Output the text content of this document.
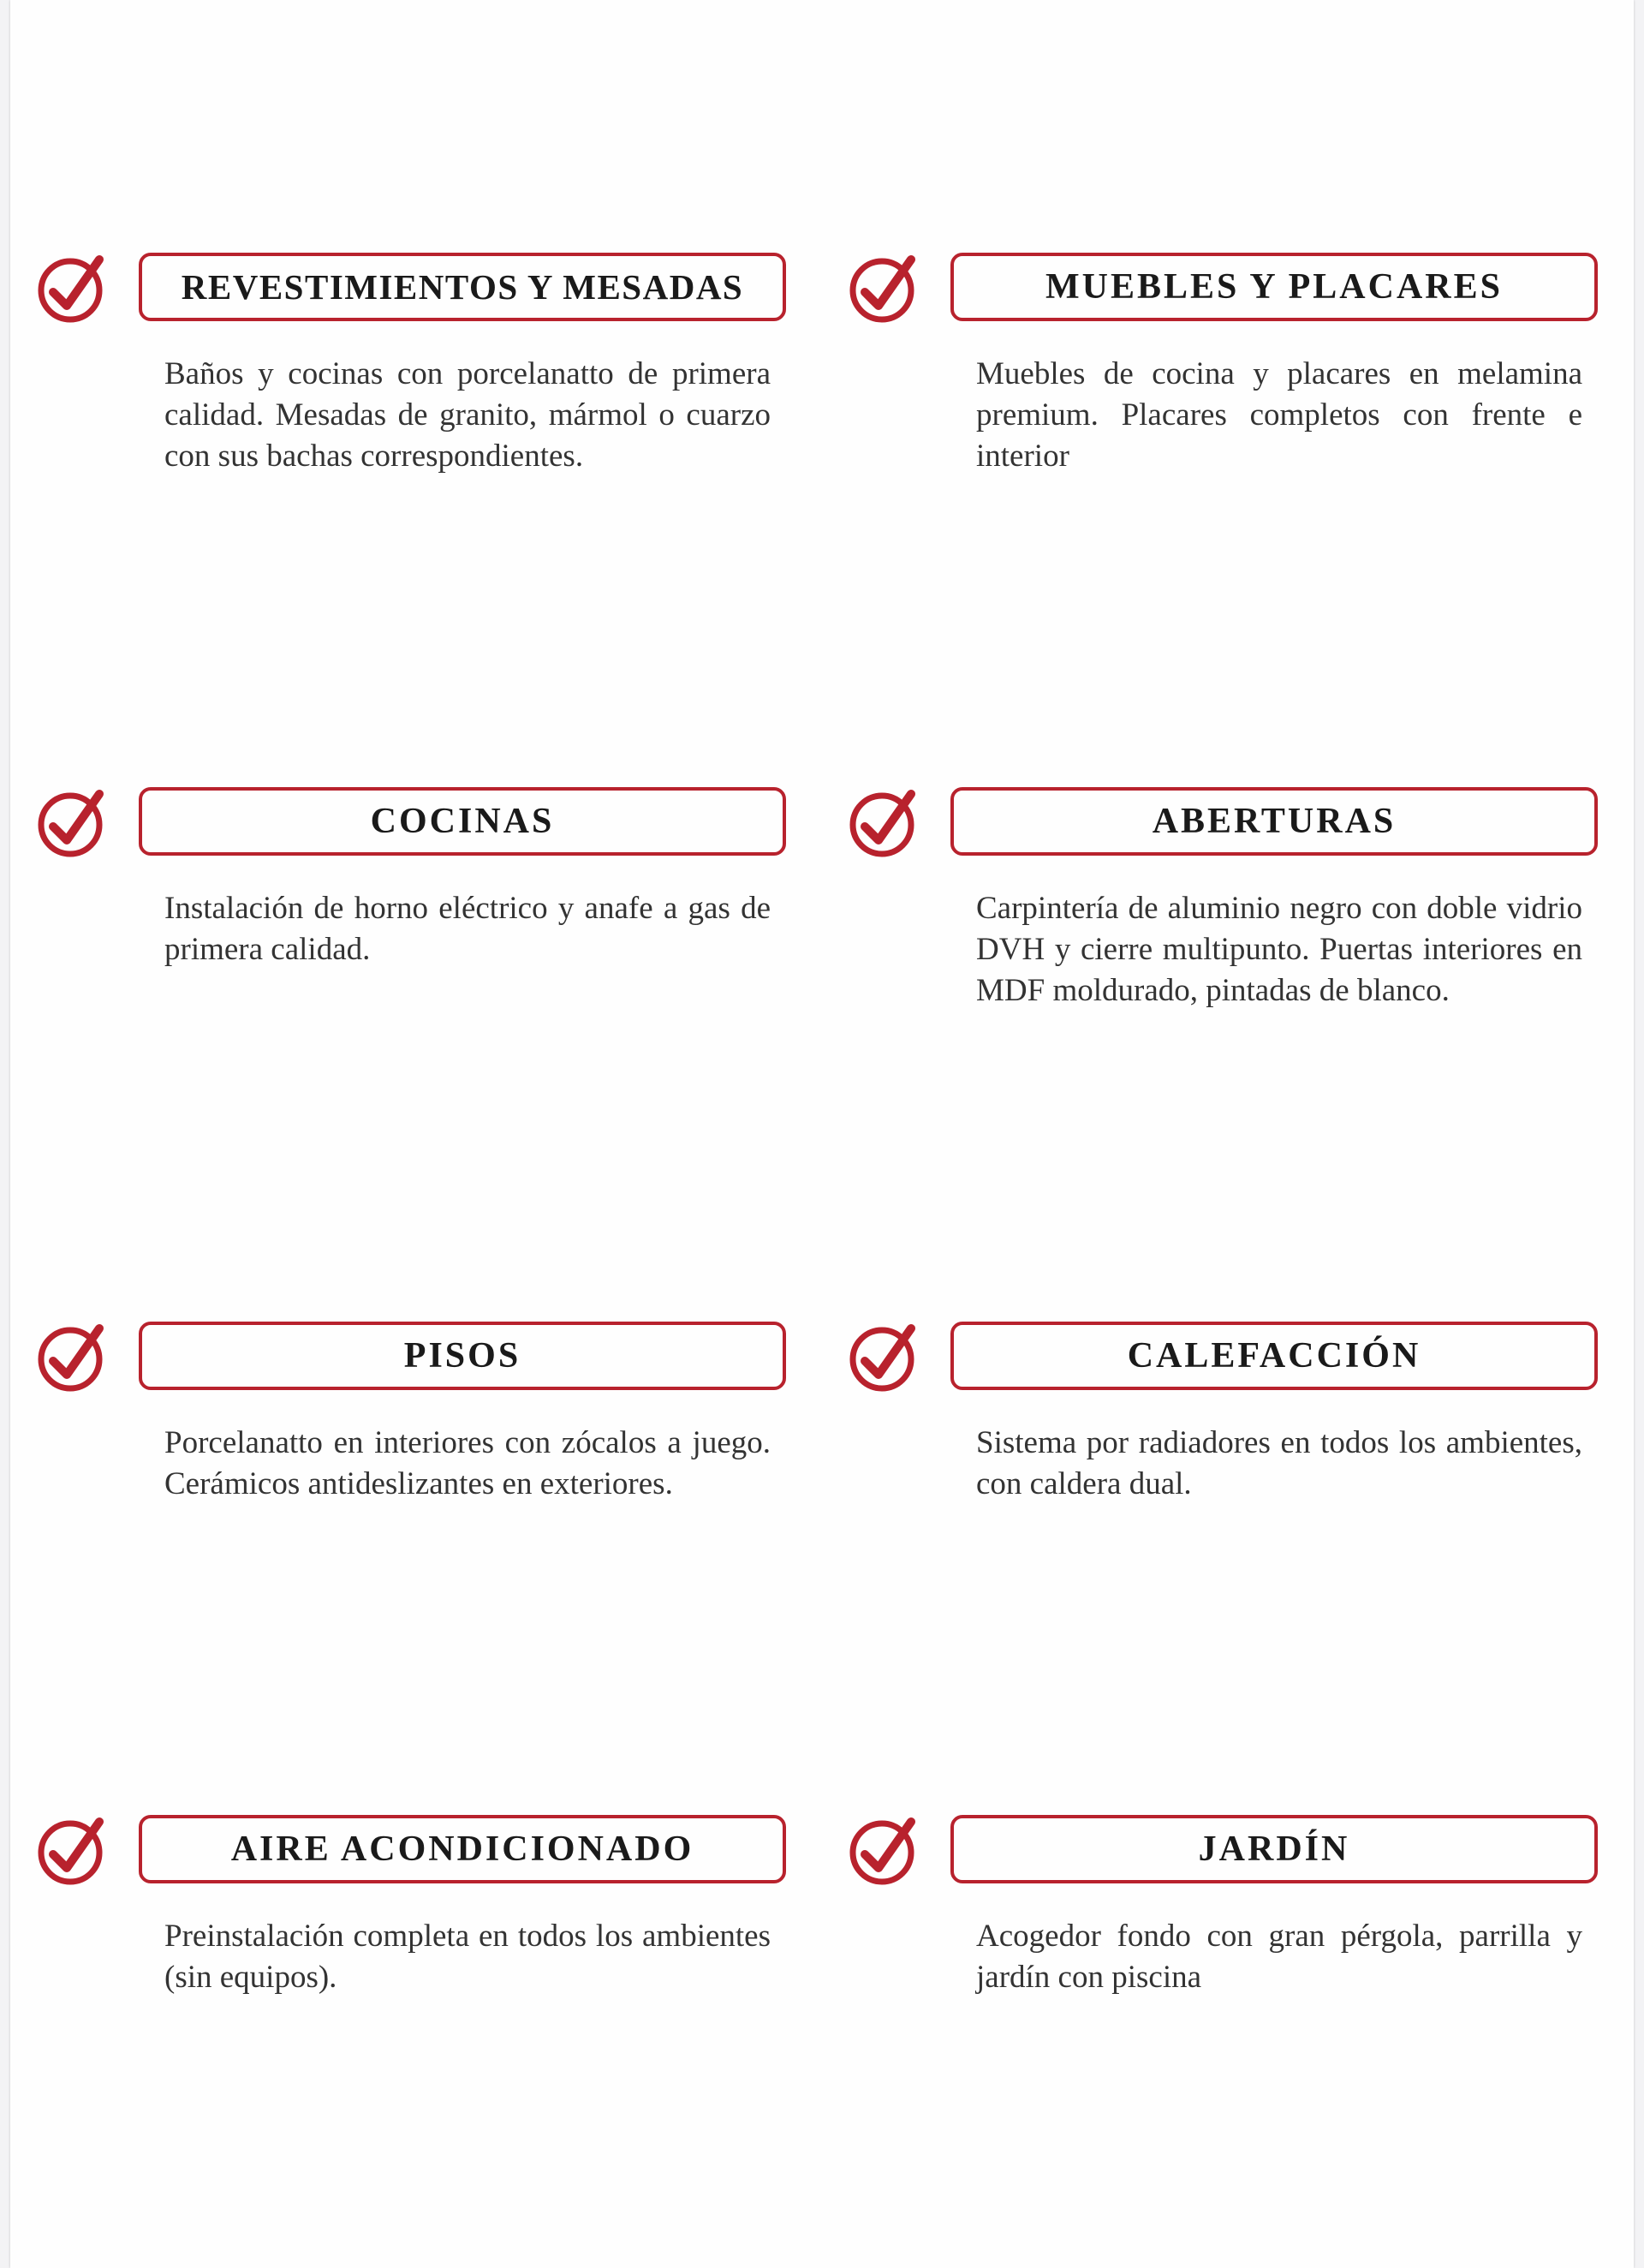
REVESTIMIENTOS Y MESADAS

Baños y cocinas con porcelanatto de primera calidad. Mesadas de granito, mármol o cuarzo con sus bachas correspondientes.

MUEBLES Y PLACARES

Muebles de cocina y placares en melamina premium. Placares completos con frente e interior

COCINAS

Instalación de horno eléctrico y anafe a gas de primera calidad.

ABERTURAS

Carpintería de aluminio negro con doble vidrio DVH y cierre multipunto. Puertas interiores en MDF moldurado, pintadas de blanco.

PISOS

Porcelanatto en interiores con zócalos a juego. Cerámicos antideslizantes en exteriores.

CALEFACCIÓN

Sistema por radiadores en todos los ambientes, con caldera dual.

AIRE ACONDICIONADO

Preinstalación completa en todos los ambientes (sin equipos).

JARDÍN

Acogedor fondo con gran pérgola, parrilla y jardín con piscina
